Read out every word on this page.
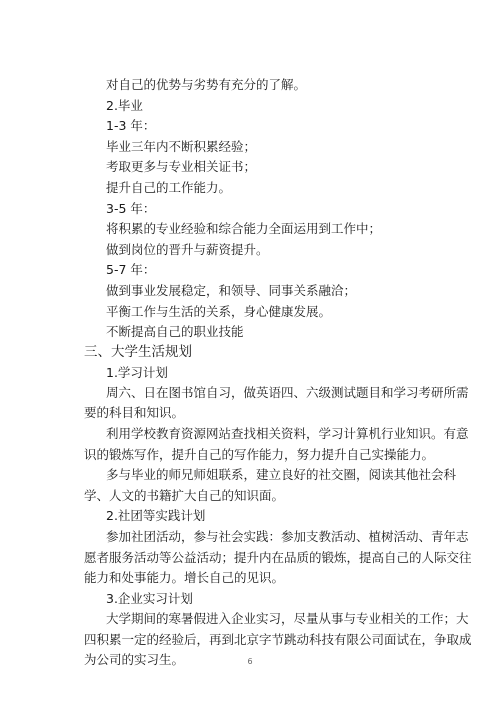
对自己的优势与劣势有充分的了解。
2.毕业
1-3 年：
毕业三年内不断积累经验；
考取更多与专业相关证书；
提升自己的工作能力。
3-5 年：
将积累的专业经验和综合能力全面运用到工作中；
做到岗位的晋升与薪资提升。
5-7 年：
做到事业发展稳定，和领导、同事关系融洽；
平衡工作与生活的关系，身心健康发展。
不断提高自己的职业技能
三、大学生活规划
1.学习计划
周六、日在图书馆自习，做英语四、六级测试题目和学习考研所需
要的科目和知识。
利用学校教育资源网站查找相关资料，学习计算机行业知识。有意
识的锻炼写作，提升自己的写作能力，努力提升自己实操能力。
多与毕业的师兄师姐联系，建立良好的社交圈，阅读其他社会科
学、人文的书籍扩大自己的知识面。
2.社团等实践计划
参加社团活动，参与社会实践：参加支教活动、植树活动、青年志
愿者服务活动等公益活动；提升内在品质的锻炼，提高自己的人际交往
能力和处事能力。增长自己的见识。
3.企业实习计划
大学期间的寒暑假进入企业实习，尽量从事与专业相关的工作；大
四积累一定的经验后，再到北京字节跳动科技有限公司面试在，争取成
为公司的实习生。	6
